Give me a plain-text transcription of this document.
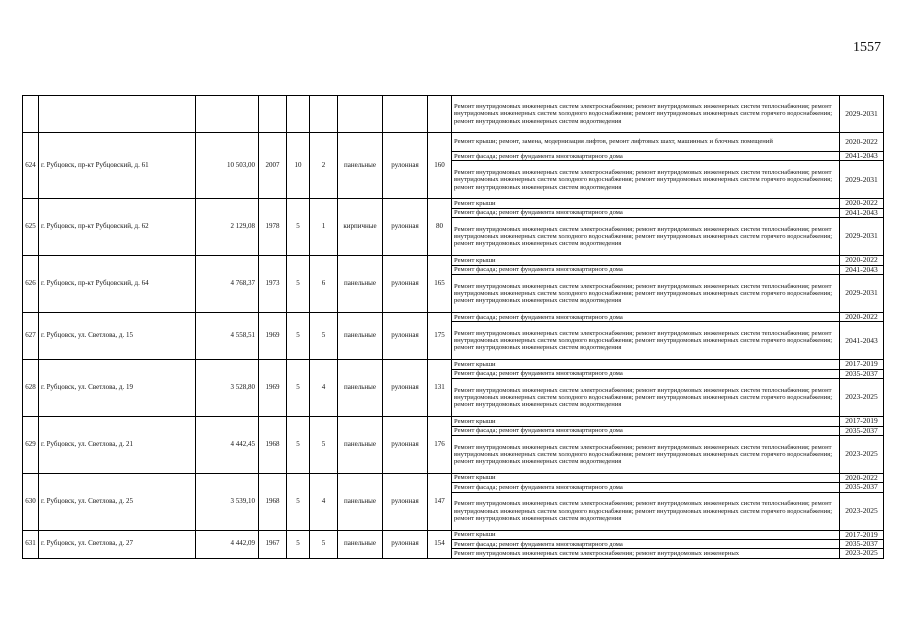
1557
									Ремонт внутридомовых инженерных систем электроснабжения; ремонт внутридомовых инженерных систем теплоснабжения; ремонт внутридомовых инженерных систем холодного водоснабжения; ремонт внутридомовых инженерных систем горячего водоснабжения; ремонт внутридомовых инженерных систем водоотведения	2029-2031
624	г. Рубцовск, пр-кт Рубцовский, д. 61	10 503,00	2007	10	2	панельные	рулонная	160	Ремонт крыши; ремонт, замена, модернизация лифтов, ремонт лифтовых шахт, машинных и блочных помещений	2020-2022
									Ремонт фасада; ремонт фундамента многоквартирного дома	2041-2043
									Ремонт внутридомовых инженерных систем электроснабжения; ремонт внутридомовых инженерных систем теплоснабжения; ремонт внутридомовых инженерных систем холодного водоснабжения; ремонт внутридомовых инженерных систем горячего водоснабжения; ремонт внутридомовых инженерных систем водоотведения	2029-2031
625	г. Рубцовск, пр-кт Рубцовский, д. 62	2 129,08	1978	5	1	кирпичные	рулонная	80	Ремонт крыши	2020-2022
									Ремонт фасада; ремонт фундамента многоквартирного дома	2041-2043
									Ремонт внутридомовых инженерных систем электроснабжения; ремонт внутридомовых инженерных систем теплоснабжения; ремонт внутридомовых инженерных систем холодного водоснабжения; ремонт внутридомовых инженерных систем горячего водоснабжения; ремонт внутридомовых инженерных систем водоотведения	2029-2031
626	г. Рубцовск, пр-кт Рубцовский, д. 64	4 768,37	1973	5	6	панельные	рулонная	165	Ремонт крыши	2020-2022
									Ремонт фасада; ремонт фундамента многоквартирного дома	2041-2043
									Ремонт внутридомовых инженерных систем электроснабжения; ремонт внутридомовых инженерных систем теплоснабжения; ремонт внутридомовых инженерных систем холодного водоснабжения; ремонт внутридомовых инженерных систем горячего водоснабжения; ремонт внутридомовых инженерных систем водоотведения	2029-2031
627	г. Рубцовск, ул. Светлова, д. 15	4 558,51	1969	5	5	панельные	рулонная	175	Ремонт фасада; ремонт фундамента многоквартирного дома	2020-2022
									Ремонт внутридомовых инженерных систем электроснабжения; ремонт внутридомовых инженерных систем теплоснабжения; ремонт внутридомовых инженерных систем холодного водоснабжения; ремонт внутридомовых инженерных систем горячего водоснабжения; ремонт внутридомовых инженерных систем водоотведения	2041-2043
628	г. Рубцовск, ул. Светлова, д. 19	3 528,80	1969	5	4	панельные	рулонная	131	Ремонт крыши	2017-2019
									Ремонт фасада; ремонт фундамента многоквартирного дома	2035-2037
									Ремонт внутридомовых инженерных систем электроснабжения; ремонт внутридомовых инженерных систем теплоснабжения; ремонт внутридомовых инженерных систем холодного водоснабжения; ремонт внутридомовых инженерных систем горячего водоснабжения; ремонт внутридомовых инженерных систем водоотведения	2023-2025
629	г. Рубцовск, ул. Светлова, д. 21	4 442,45	1968	5	5	панельные	рулонная	176	Ремонт крыши	2017-2019
									Ремонт фасада; ремонт фундамента многоквартирного дома	2035-2037
									Ремонт внутридомовых инженерных систем электроснабжения; ремонт внутридомовых инженерных систем теплоснабжения; ремонт внутридомовых инженерных систем холодного водоснабжения; ремонт внутридомовых инженерных систем горячего водоснабжения; ремонт внутридомовых инженерных систем водоотведения	2023-2025
630	г. Рубцовск, ул. Светлова, д. 25	3 539,10	1968	5	4	панельные	рулонная	147	Ремонт крыши	2020-2022
									Ремонт фасада; ремонт фундамента многоквартирного дома	2035-2037
									Ремонт внутридомовых инженерных систем электроснабжения; ремонт внутридомовых инженерных систем теплоснабжения; ремонт внутридомовых инженерных систем холодного водоснабжения; ремонт внутридомовых инженерных систем горячего водоснабжения; ремонт внутридомовых инженерных систем водоотведения	2023-2025
631	г. Рубцовск, ул. Светлова, д. 27	4 442,09	1967	5	5	панельные	рулонная	154	Ремонт крыши	2017-2019
									Ремонт фасада; ремонт фундамента многоквартирного дома	2035-2037
									Ремонт внутридомовых инженерных систем электроснабжения; ремонт внутридомовых инженерных	2023-2025
